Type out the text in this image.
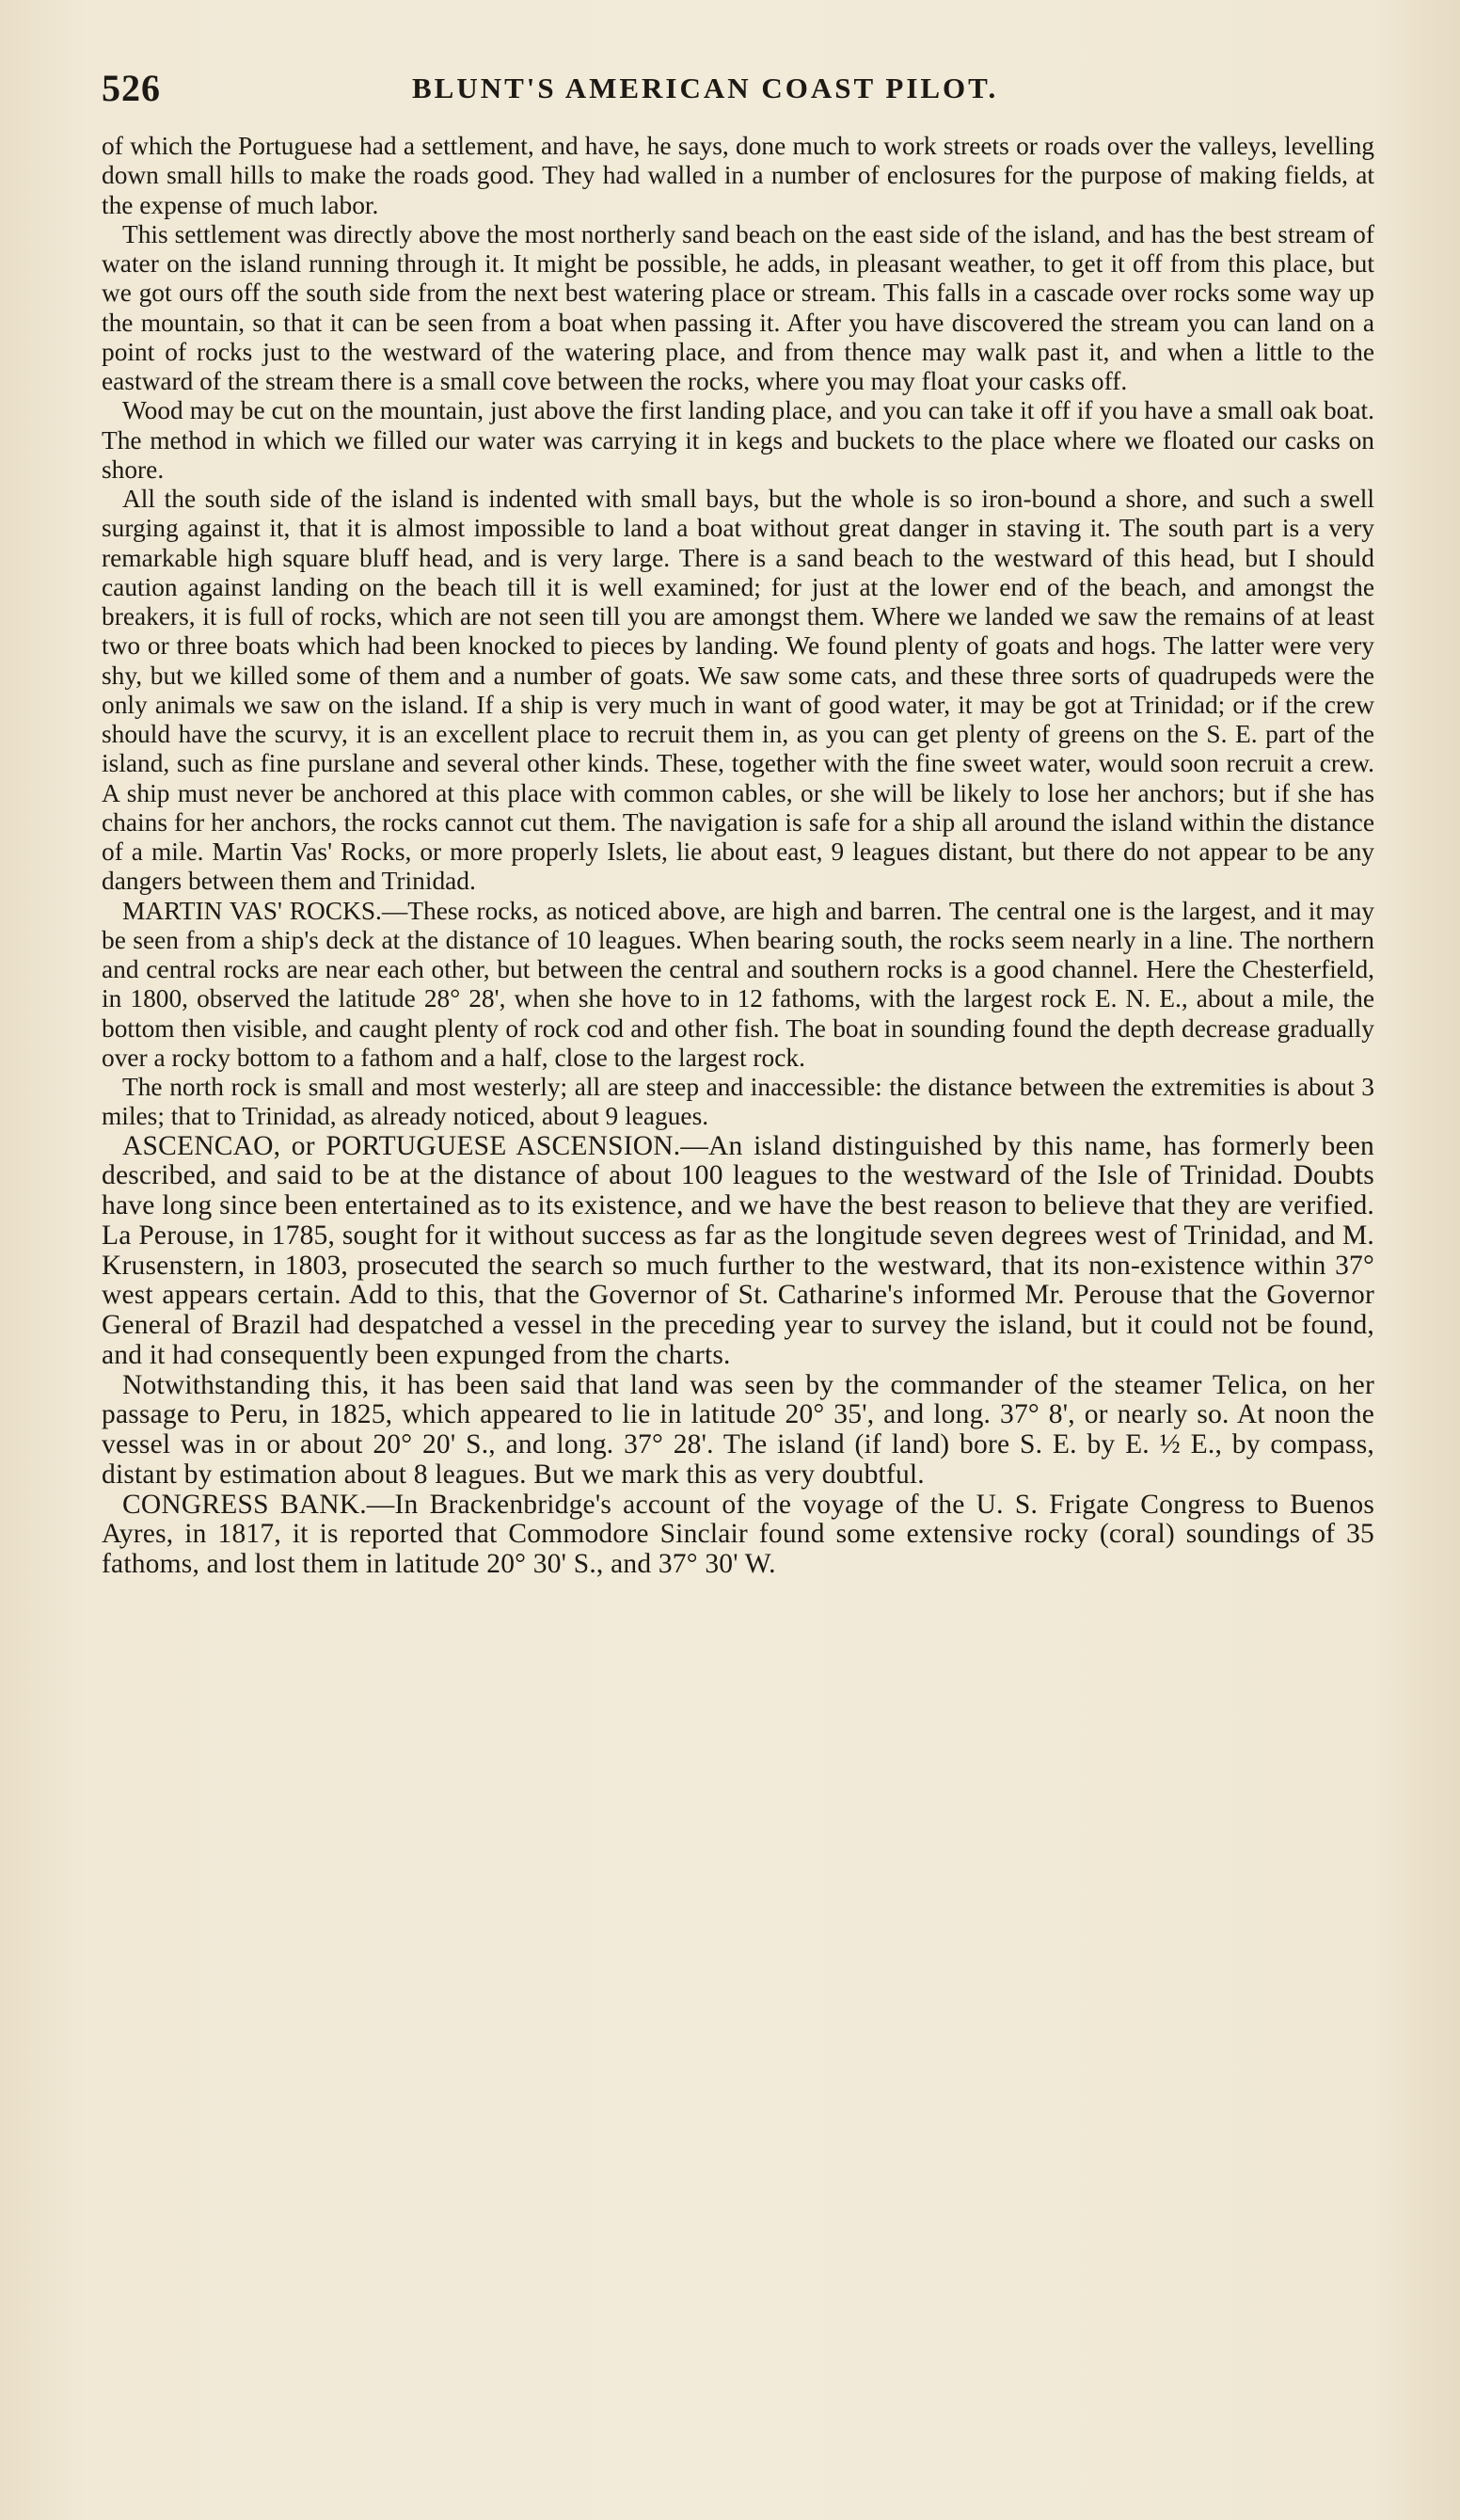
526	BLUNT'S AMERICAN COAST PILOT.

of which the Portuguese had a settlement, and have, he says, done much to work streets or roads over the valleys, levelling down small hills to make the roads good. They had walled in a number of enclosures for the purpose of making fields, at the expense of much labor.

This settlement was directly above the most northerly sand beach on the east side of the island, and has the best stream of water on the island running through it. It might be possible, he adds, in pleasant weather, to get it off from this place, but we got ours off the south side from the next best watering place or stream. This falls in a cascade over rocks some way up the mountain, so that it can be seen from a boat when passing it. After you have discovered the stream you can land on a point of rocks just to the westward of the watering place, and from thence may walk past it, and when a little to the eastward of the stream there is a small cove between the rocks, where you may float your casks off.

Wood may be cut on the mountain, just above the first landing place, and you can take it off if you have a small oak boat. The method in which we filled our water was carrying it in kegs and buckets to the place where we floated our casks on shore.

All the south side of the island is indented with small bays, but the whole is so iron-bound a shore, and such a swell surging against it, that it is almost impossible to land a boat without great danger in staving it. The south part is a very remarkable high square bluff head, and is very large. There is a sand beach to the westward of this head, but I should caution against landing on the beach till it is well examined; for just at the lower end of the beach, and amongst the breakers, it is full of rocks, which are not seen till you are amongst them. Where we landed we saw the remains of at least two or three boats which had been knocked to pieces by landing. We found plenty of goats and hogs. The latter were very shy, but we killed some of them and a number of goats. We saw some cats, and these three sorts of quadrupeds were the only animals we saw on the island. If a ship is very much in want of good water, it may be got at Trinidad; or if the crew should have the scurvy, it is an excellent place to recruit them in, as you can get plenty of greens on the S. E. part of the island, such as fine purslane and several other kinds. These, together with the fine sweet water, would soon recruit a crew. A ship must never be anchored at this place with common cables, or she will be likely to lose her anchors; but if she has chains for her anchors, the rocks cannot cut them. The navigation is safe for a ship all around the island within the distance of a mile. Martin Vas' Rocks, or more properly Islets, lie about east, 9 leagues distant, but there do not appear to be any dangers between them and Trinidad.

MARTIN VAS' ROCKS.—These rocks, as noticed above, are high and barren. The central one is the largest, and it may be seen from a ship's deck at the distance of 10 leagues. When bearing south, the rocks seem nearly in a line. The northern and central rocks are near each other, but between the central and southern rocks is a good channel. Here the Chesterfield, in 1800, observed the latitude 28° 28', when she hove to in 12 fathoms, with the largest rock E. N. E., about a mile, the bottom then visible, and caught plenty of rock cod and other fish. The boat in sounding found the depth decrease gradually over a rocky bottom to a fathom and a half, close to the largest rock.

The north rock is small and most westerly; all are steep and inaccessible: the distance between the extremities is about 3 miles; that to Trinidad, as already noticed, about 9 leagues.

ASCENCAO, or PORTUGUESE ASCENSION.—An island distinguished by this name, has formerly been described, and said to be at the distance of about 100 leagues to the westward of the Isle of Trinidad. Doubts have long since been entertained as to its existence, and we have the best reason to believe that they are verified. La Perouse, in 1785, sought for it without success as far as the longitude seven degrees west of Trinidad, and M. Krusenstern, in 1803, prosecuted the search so much further to the westward, that its non-existence within 37° west appears certain. Add to this, that the Governor of St. Catharine's informed Mr. Perouse that the Governor General of Brazil had despatched a vessel in the preceding year to survey the island, but it could not be found, and it had consequently been expunged from the charts.

Notwithstanding this, it has been said that land was seen by the commander of the steamer Telica, on her passage to Peru, in 1825, which appeared to lie in latitude 20° 35', and long. 37° 8', or nearly so. At noon the vessel was in or about 20° 20' S., and long. 37° 28'. The island (if land) bore S. E. by E. ½ E., by compass, distant by estimation about 8 leagues. But we mark this as very doubtful.

CONGRESS BANK.—In Brackenbridge's account of the voyage of the U. S. Frigate Congress to Buenos Ayres, in 1817, it is reported that Commodore Sinclair found some extensive rocky (coral) soundings of 35 fathoms, and lost them in latitude 20° 30' S., and 37° 30' W.
